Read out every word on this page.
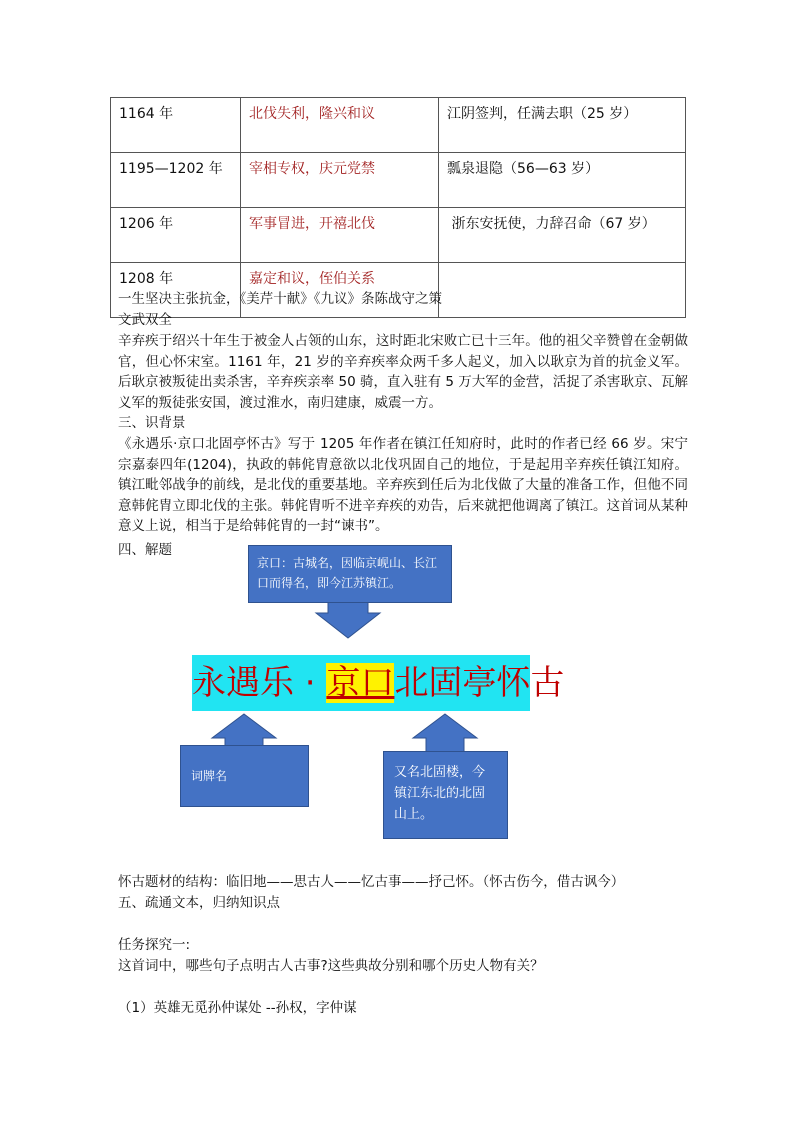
1164 年	北伐失利，隆兴和议	江阴签判，任满去职（25 岁）
1195—1202 年	宰相专权，庆元党禁	瓢泉退隐（56—63 岁）
1206 年	军事冒进，开禧北伐	浙东安抚使，力辞召命（67 岁）
1208 年	嘉定和议，侄伯关系	
一生坚决主张抗金，《美芹十献》《九议》条陈战守之策
文武双全
辛弃疾于绍兴十年生于被金人占领的山东，这时距北宋败亡已十三年。他的祖父辛赞曾在金朝做官，但心怀宋室。1161 年，21 岁的辛弃疾率众两千多人起义，加入以耿京为首的抗金义军。后耿京被叛徒出卖杀害，辛弃疾亲率 50 骑，直入驻有 5 万大军的金营，活捉了杀害耿京、瓦解义军的叛徒张安国，渡过淮水，南归建康，威震一方。
三、识背景
《永遇乐·京口北固亭怀古》写于 1205 年作者在镇江任知府时，此时的作者已经 66 岁。宋宁宗嘉泰四年(1204)，执政的韩侂胄意欲以北伐巩固自己的地位，于是起用辛弃疾任镇江知府。镇江毗邻战争的前线，是北伐的重要基地。辛弃疾到任后为北伐做了大量的准备工作，但他不同意韩侂胄立即北伐的主张。韩侂胄听不进辛弃疾的劝告，后来就把他调离了镇江。这首词从某种意义上说，相当于是给韩侂胄的一封“谏书”。
四、解题
京口：古城名，因临京岘山、长江口而得名，即今江苏镇江。
永遇乐 · 京口北固亭怀古
词牌名	又名北固楼，今镇江东北的北固山上。
怀古题材的结构：临旧地——思古人——忆古事——抒己怀。（怀古伤今，借古讽今）
五、疏通文本，归纳知识点
任务探究一:
这首词中，哪些句子点明古人古事?这些典故分别和哪个历史人物有关？
（1）英雄无觅孙仲谋处 --孙权，字仲谋
